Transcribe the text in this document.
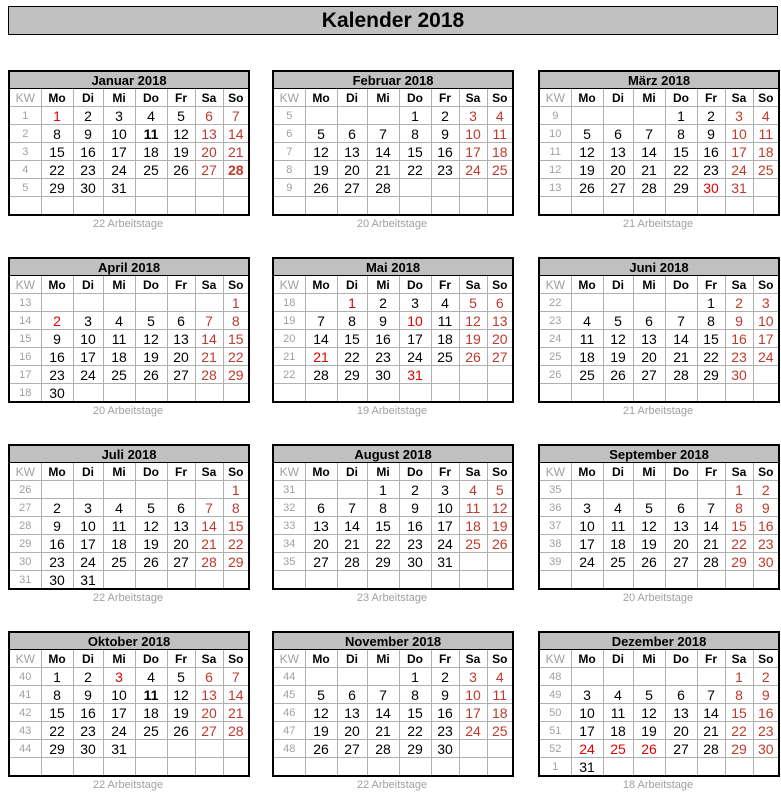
Kalender 2018
Januar 2018							
KW	Mo	Di	Mi	Do	Fr	Sa	So
1	1	2	3	4	5	6	7
2	8	9	10	11	12	13	14
3	15	16	17	18	19	20	21
4	22	23	24	25	26	27	28
5	29	30	31				

22 Arbeitstage
Februar 2018							
KW	Mo	Di	Mi	Do	Fr	Sa	So
5				1	2	3	4
6	5	6	7	8	9	10	11
7	12	13	14	15	16	17	18
8	19	20	21	22	23	24	25
9	26	27	28				

20 Arbeitstage
März 2018							
KW	Mo	Di	Mi	Do	Fr	Sa	So
9				1	2	3	4
10	5	6	7	8	9	10	11
11	12	13	14	15	16	17	18
12	19	20	21	22	23	24	25
13	26	27	28	29	30	31	

21 Arbeitstage
April 2018							
KW	Mo	Di	Mi	Do	Fr	Sa	So
13							1
14	2	3	4	5	6	7	8
15	9	10	11	12	13	14	15
16	16	17	18	19	20	21	22
17	23	24	25	26	27	28	29
18	30						
20 Arbeitstage
Mai 2018							
KW	Mo	Di	Mi	Do	Fr	Sa	So
18		1	2	3	4	5	6
19	7	8	9	10	11	12	13
20	14	15	16	17	18	19	20
21	21	22	23	24	25	26	27
22	28	29	30	31			

19 Arbeitstage
Juni 2018							
KW	Mo	Di	Mi	Do	Fr	Sa	So
22					1	2	3
23	4	5	6	7	8	9	10
24	11	12	13	14	15	16	17
25	18	19	20	21	22	23	24
26	25	26	27	28	29	30	

21 Arbeitstage
Juli 2018							
KW	Mo	Di	Mi	Do	Fr	Sa	So
26							1
27	2	3	4	5	6	7	8
28	9	10	11	12	13	14	15
29	16	17	18	19	20	21	22
30	23	24	25	26	27	28	29
31	30	31					
22 Arbeitstage
August 2018							
KW	Mo	Di	Mi	Do	Fr	Sa	So
31			1	2	3	4	5
32	6	7	8	9	10	11	12
33	13	14	15	16	17	18	19
34	20	21	22	23	24	25	26
35	27	28	29	30	31		

23 Arbeitstage
September 2018							
KW	Mo	Di	Mi	Do	Fr	Sa	So
35						1	2
36	3	4	5	6	7	8	9
37	10	11	12	13	14	15	16
38	17	18	19	20	21	22	23
39	24	25	26	27	28	29	30

20 Arbeitstage
Oktober 2018							
KW	Mo	Di	Mi	Do	Fr	Sa	So
40	1	2	3	4	5	6	7
41	8	9	10	11	12	13	14
42	15	16	17	18	19	20	21
43	22	23	24	25	26	27	28
44	29	30	31				

22 Arbeitstage
November 2018							
KW	Mo	Di	Mi	Do	Fr	Sa	So
44				1	2	3	4
45	5	6	7	8	9	10	11
46	12	13	14	15	16	17	18
47	19	20	21	22	23	24	25
48	26	27	28	29	30		

22 Arbeitstage
Dezember 2018							
KW	Mo	Di	Mi	Do	Fr	Sa	So
48						1	2
49	3	4	5	6	7	8	9
50	10	11	12	13	14	15	16
51	17	18	19	20	21	22	23
52	24	25	26	27	28	29	30
1	31						
18 Arbeitstage
